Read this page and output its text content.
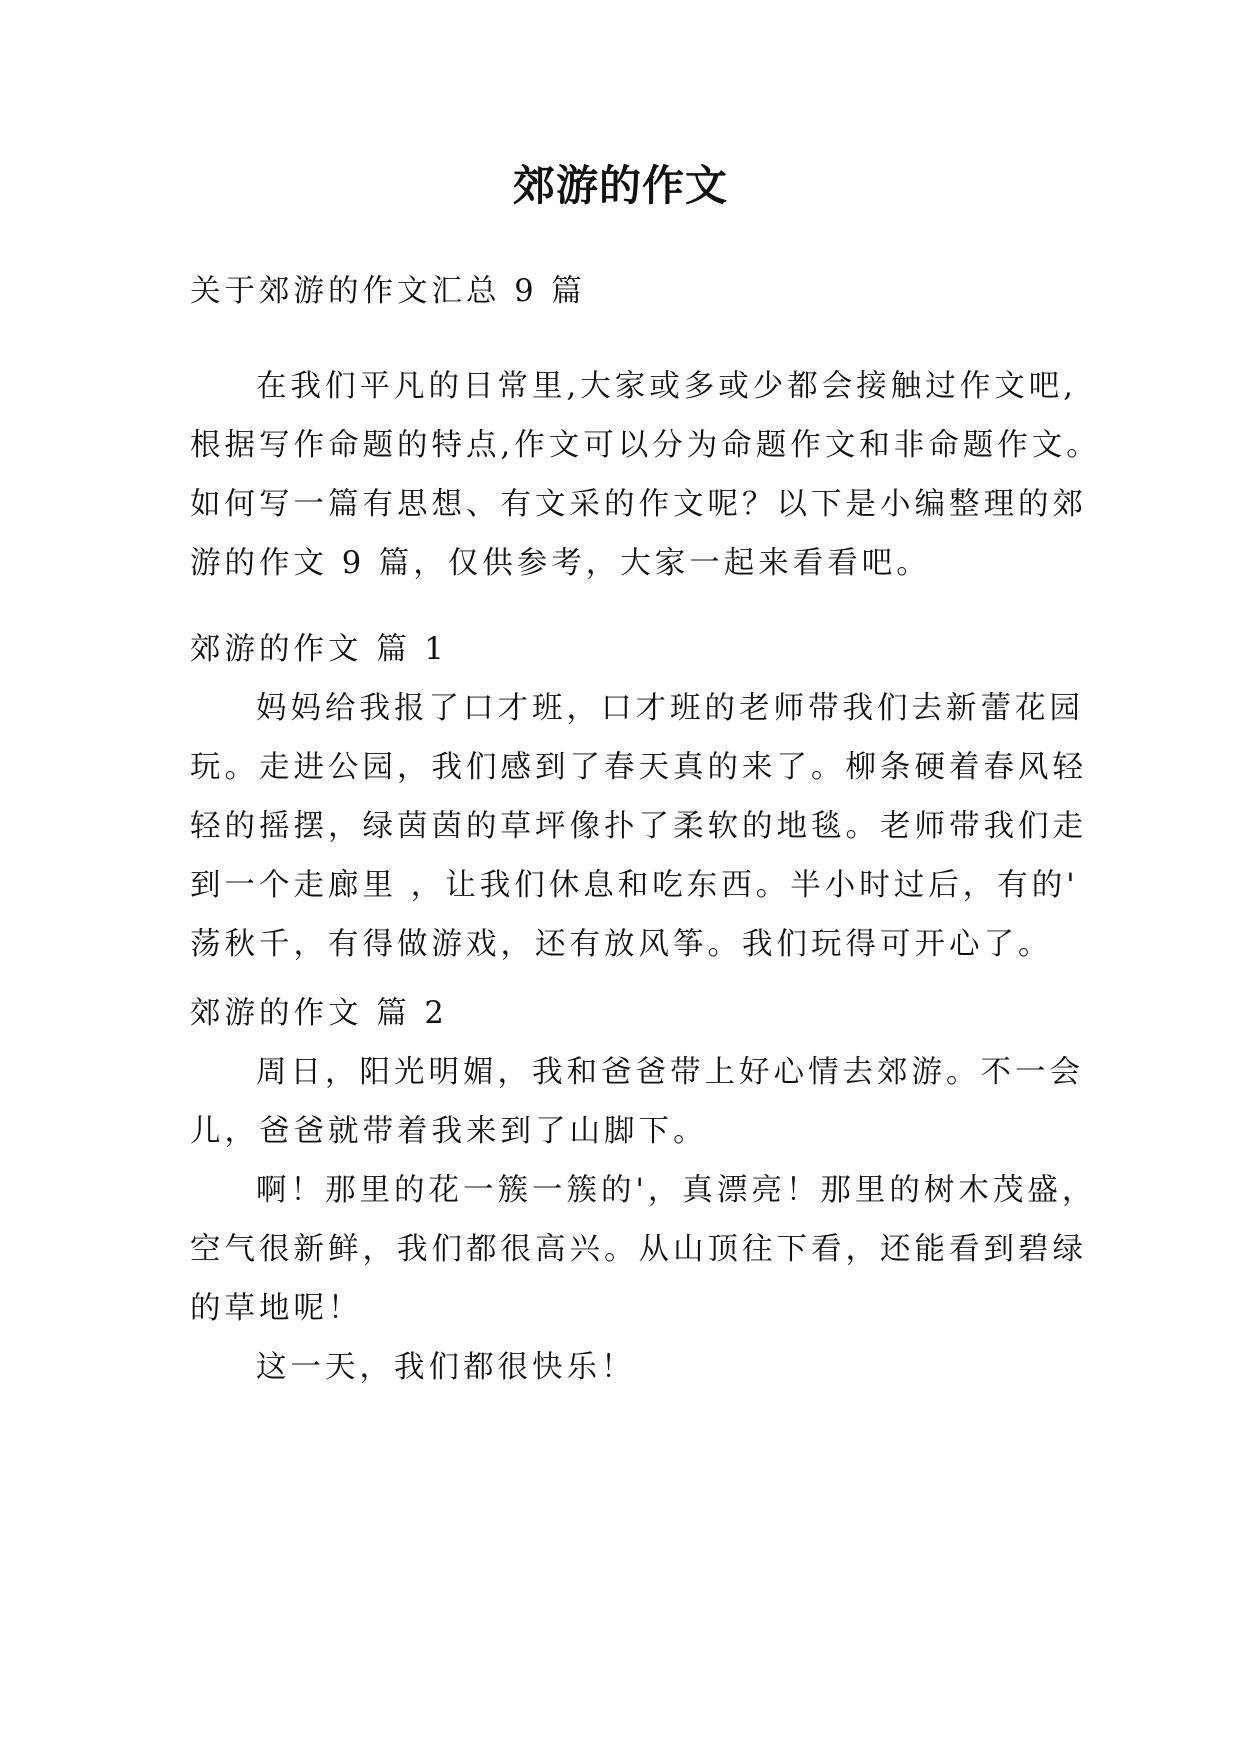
郊游的作文
关于郊游的作文汇总 9 篇
在我们平凡的日常里,大家或多或少都会接触过作文吧,
根据写作命题的特点,作文可以分为命题作文和非命题作文。
如何写一篇有思想、有文采的作文呢？以下是小编整理的郊
游的作文 9 篇，仅供参考，大家一起来看看吧。
郊游的作文 篇 1
妈妈给我报了口才班，口才班的老师带我们去新蕾花园
玩。走进公园，我们感到了春天真的来了。柳条硬着春风轻
轻的摇摆，绿茵茵的草坪像扑了柔软的地毯。老师带我们走
到一个走廊里 ，让我们休息和吃东西。半小时过后，有的'
荡秋千，有得做游戏，还有放风筝。我们玩得可开心了。
郊游的作文 篇 2
周日，阳光明媚，我和爸爸带上好心情去郊游。不一会
儿，爸爸就带着我来到了山脚下。
啊！那里的花一簇一簇的'，真漂亮！那里的树木茂盛，
空气很新鲜，我们都很高兴。从山顶往下看，还能看到碧绿
的草地呢！
这一天，我们都很快乐！
